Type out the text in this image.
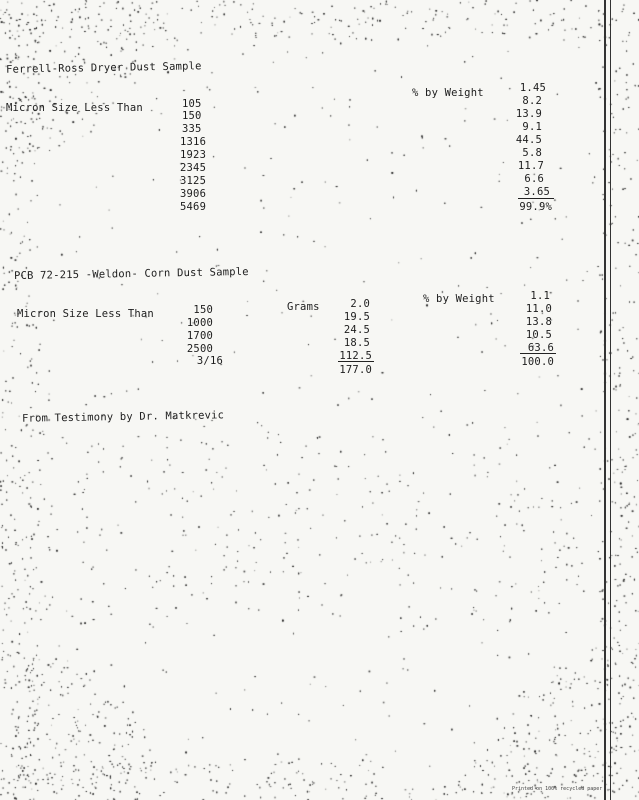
Ferrell-Ross Dryer Dust Sample
Micron Size Less Than
% by Weight
105
150
335
1316
1923
2345
3125
3906
5469
1.45
8.2
13.9
9.1
44.5
5.8
11.7
6.6
3.65
99.9%
PCB 72-215 -Weldon- Corn Dust Sample
Micron Size Less Than
Grams
% by Weight
150
1000
1700
2500
3/16
2.0
19.5
24.5
18.5
112.5
177.0
1.1
11.0
13.8
10.5
63.6
100.0
From Testimony by Dr. Matkrevic
Printed on 100% recycled paper
